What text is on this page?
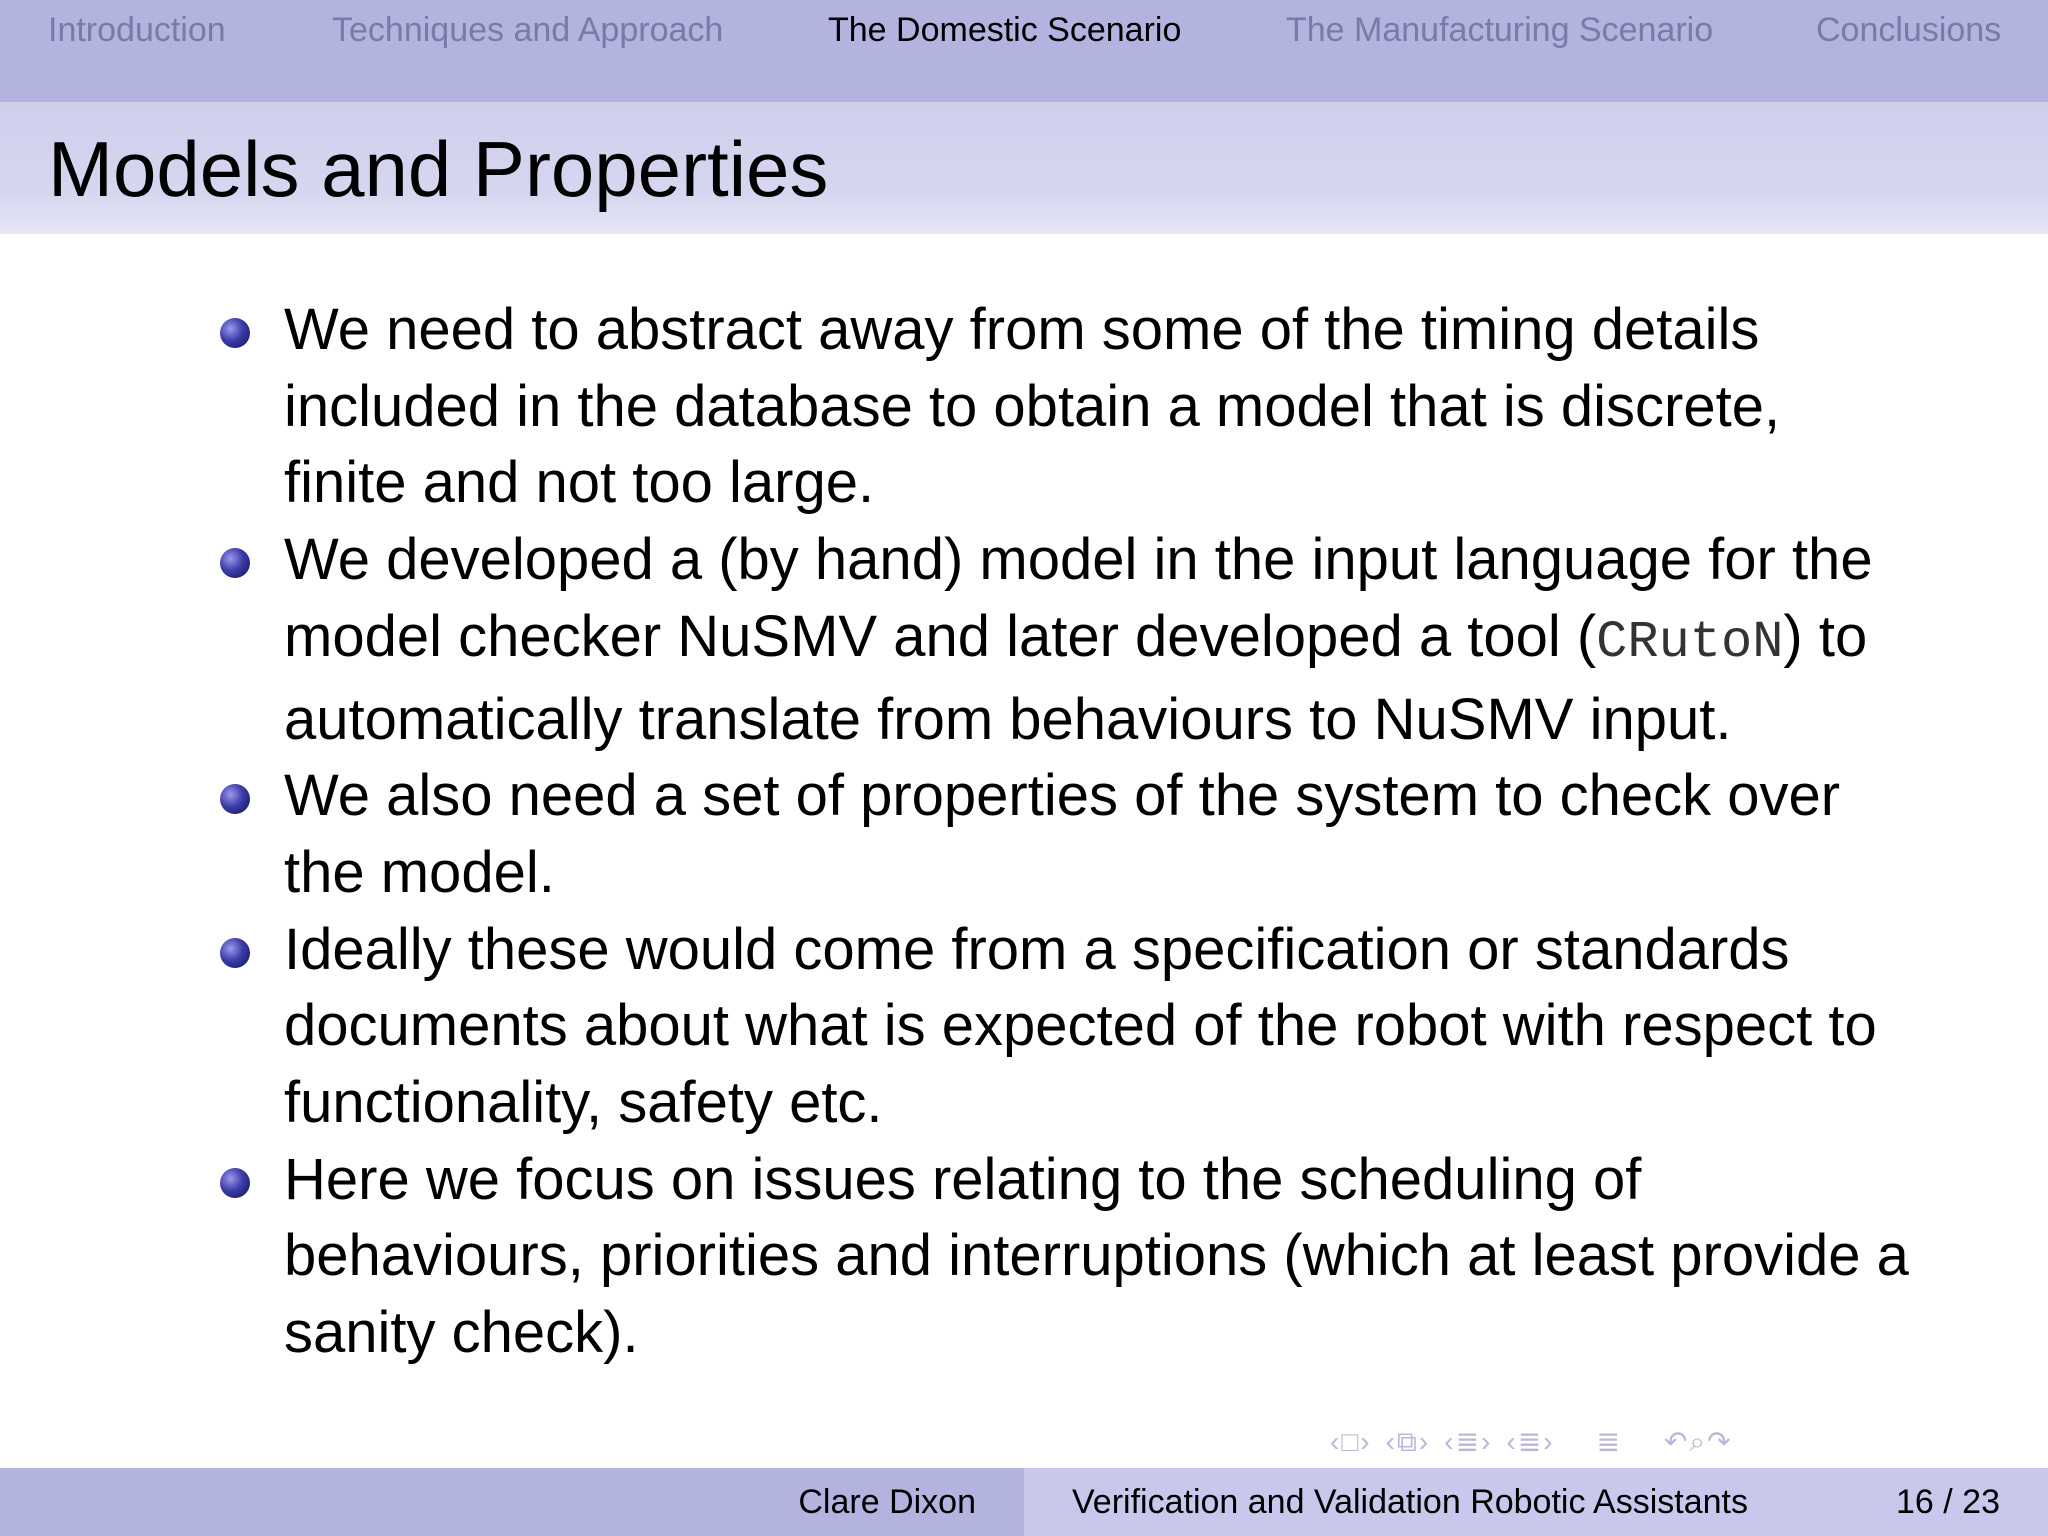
Introduction	Techniques and Approach	The Domestic Scenario	The Manufacturing Scenario	Conclusions
Models and Properties
We need to abstract away from some of the timing details included in the database to obtain a model that is discrete, finite and not too large.
We developed a (by hand) model in the input language for the model checker NuSMV and later developed a tool (CRutoN) to automatically translate from behaviours to NuSMV input.
We also need a set of properties of the system to check over the model.
Ideally these would come from a specification or standards documents about what is expected of the robot with respect to functionality, safety etc.
Here we focus on issues relating to the scheduling of behaviours, priorities and interruptions (which at least provide a sanity check).
‹□› ‹⧉› ‹≣› ‹≣› ≣ ↶⌕↷
Clare Dixon	Verification and Validation Robotic Assistants	16 / 23
